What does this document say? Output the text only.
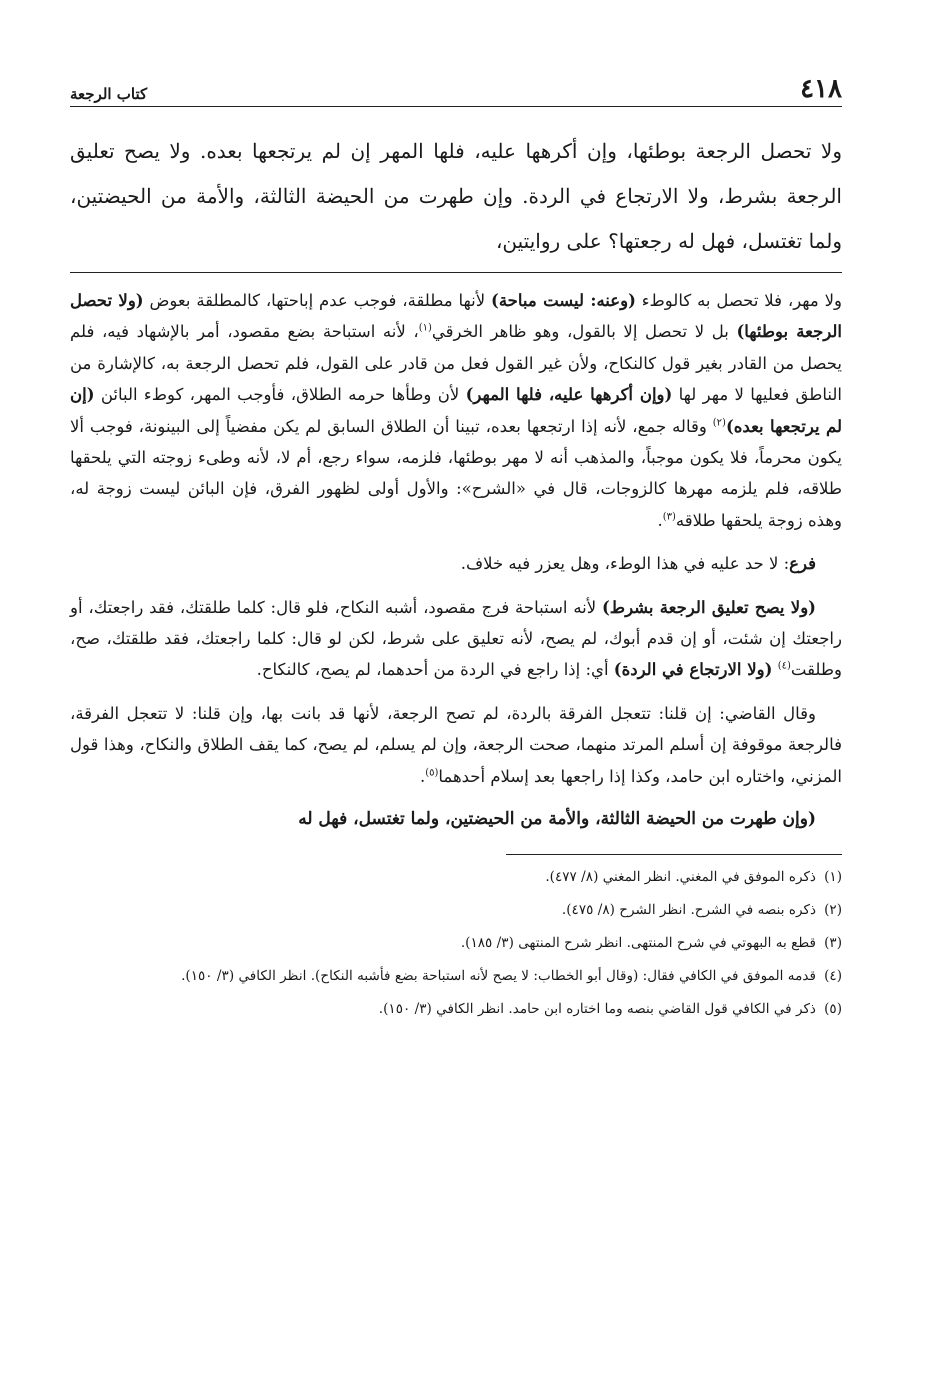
٤١٨
كتاب الرجعة
ولا تحصل الرجعة بوطئها، وإن أكرهها عليه، فلها المهر إن لم يرتجعها بعده. ولا يصح تعليق الرجعة بشرط، ولا الارتجاع في الردة. وإن طهرت من الحيضة الثالثة، والأمة من الحيضتين، ولما تغتسل، فهل له رجعتها؟ على روايتين،

ولا مهر، فلا تحصل به كالوطء (وعنه: ليست مباحة) لأنها مطلقة، فوجب عدم إباحتها، كالمطلقة بعوض (ولا تحصل الرجعة بوطئها) بل لا تحصل إلا بالقول، وهو ظاهر الخرقي$^{(١)}$، لأنه استباحة بضع مقصود، أمر بالإشهاد فيه، فلم يحصل من القادر بغير قول كالنكاح، ولأن غير القول فعل من قادر على القول، فلم تحصل الرجعة به، كالإشارة من الناطق فعليها لا مهر لها (وإن أكرهها عليه، فلها المهر) لأن وطأها حرمه الطلاق، فأوجب المهر، كوطء البائن (إن لم يرتجعها بعده)$^{(٢)}$ وقاله جمع، لأنه إذا ارتجعها بعده، تبينا أن الطلاق السابق لم يكن مفضياً إلى البينونة، فوجب ألا يكون محرماً، فلا يكون موجباً، والمذهب أنه لا مهر بوطئها، فلزمه، سواء رجع، أم لا، لأنه وطىء زوجته التي يلحقها طلاقه، فلم يلزمه مهرها كالزوجات، قال في «الشرح»: والأول أولى لظهور الفرق، فإن البائن ليست زوجة له، وهذه زوجة يلحقها طلاقه$^{(٣)}$.

فرع: لا حد عليه في هذا الوطء، وهل يعزر فيه خلاف.

(ولا يصح تعليق الرجعة بشرط) لأنه استباحة فرج مقصود، أشبه النكاح، فلو قال: كلما طلقتك، فقد راجعتك، أو راجعتك إن شئت، أو إن قدم أبوك، لم يصح، لأنه تعليق على شرط، لكن لو قال: كلما راجعتك، فقد طلقتك، صح، وطلقت$^{(٤)}$ (ولا الارتجاع في الردة) أي: إذا راجع في الردة من أحدهما، لم يصح، كالنكاح.

وقال القاضي: إن قلنا: تتعجل الفرقة بالردة، لم تصح الرجعة، لأنها قد بانت بها، وإن قلنا: لا تتعجل الفرقة، فالرجعة موقوفة إن أسلم المرتد منهما، صحت الرجعة، وإن لم يسلم، لم يصح، كما يقف الطلاق والنكاح، وهذا قول المزني، واختاره ابن حامد، وكذا إذا راجعها بعد إسلام أحدهما$^{(٥)}$.

(وإن طهرت من الحيضة الثالثة، والأمة من الحيضتين، ولما تغتسل، فهل له

(١)
ذكره الموفق في المغني. انظر المغني (٨/ ٤٧٧).
(٢)
ذكره بنصه في الشرح. انظر الشرح (٨/ ٤٧٥).
(٣)
قطع به البهوتي في شرح المنتهى. انظر شرح المنتهى (٣/ ١٨٥).
(٤)
قدمه الموفق في الكافي فقال: (وقال أبو الخطاب: لا يصح لأنه استباحة بضع فأشبه النكاح). انظر الكافي (٣/ ١٥٠).
(٥)
ذكر في الكافي قول القاضي بنصه وما اختاره ابن حامد. انظر الكافي (٣/ ١٥٠).
